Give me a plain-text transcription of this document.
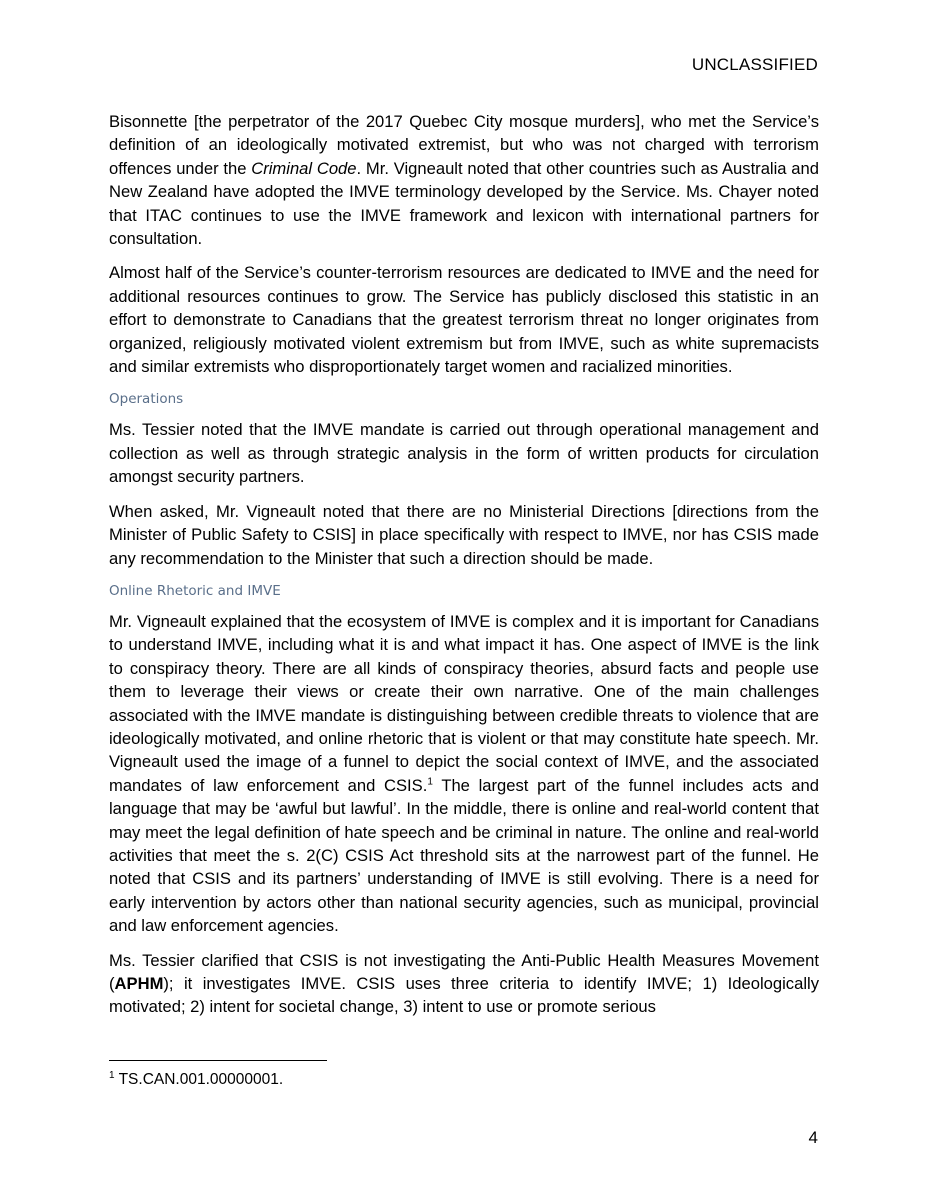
UNCLASSIFIED

Bisonnette [the perpetrator of the 2017 Quebec City mosque murders], who met the Service’s definition of an ideologically motivated extremist, but who was not charged with terrorism offences under the Criminal Code. Mr. Vigneault noted that other countries such as Australia and New Zealand have adopted the IMVE terminology developed by the Service. Ms. Chayer noted that ITAC continues to use the IMVE framework and lexicon with international partners for consultation.

Almost half of the Service’s counter-terrorism resources are dedicated to IMVE and the need for additional resources continues to grow. The Service has publicly disclosed this statistic in an effort to demonstrate to Canadians that the greatest terrorism threat no longer originates from organized, religiously motivated violent extremism but from IMVE, such as white supremacists and similar extremists who disproportionately target women and racialized minorities.

Operations

Ms. Tessier noted that the IMVE mandate is carried out through operational management and collection as well as through strategic analysis in the form of written products for circulation amongst security partners.

When asked, Mr. Vigneault noted that there are no Ministerial Directions [directions from the Minister of Public Safety to CSIS] in place specifically with respect to IMVE, nor has CSIS made any recommendation to the Minister that such a direction should be made.

Online Rhetoric and IMVE

Mr. Vigneault explained that the ecosystem of IMVE is complex and it is important for Canadians to understand IMVE, including what it is and what impact it has. One aspect of IMVE is the link to conspiracy theory. There are all kinds of conspiracy theories, absurd facts and people use them to leverage their views or create their own narrative. One of the main challenges associated with the IMVE mandate is distinguishing between credible threats to violence that are ideologically motivated, and online rhetoric that is violent or that may constitute hate speech. Mr. Vigneault used the image of a funnel to depict the social context of IMVE, and the associated mandates of law enforcement and CSIS.$^1$ The largest part of the funnel includes acts and language that may be ‘awful but lawful’. In the middle, there is online and real-world content that may meet the legal definition of hate speech and be criminal in nature. The online and real-world activities that meet the s. 2(C) CSIS Act threshold sits at the narrowest part of the funnel. He noted that CSIS and its partners’ understanding of IMVE is still evolving. There is a need for early intervention by actors other than national security agencies, such as municipal, provincial and law enforcement agencies.

Ms. Tessier clarified that CSIS is not investigating the Anti-Public Health Measures Movement (APHM); it investigates IMVE. CSIS uses three criteria to identify IMVE; 1) Ideologically motivated; 2) intent for societal change, 3) intent to use or promote serious

$^1$ TS.CAN.001.00000001.
4
